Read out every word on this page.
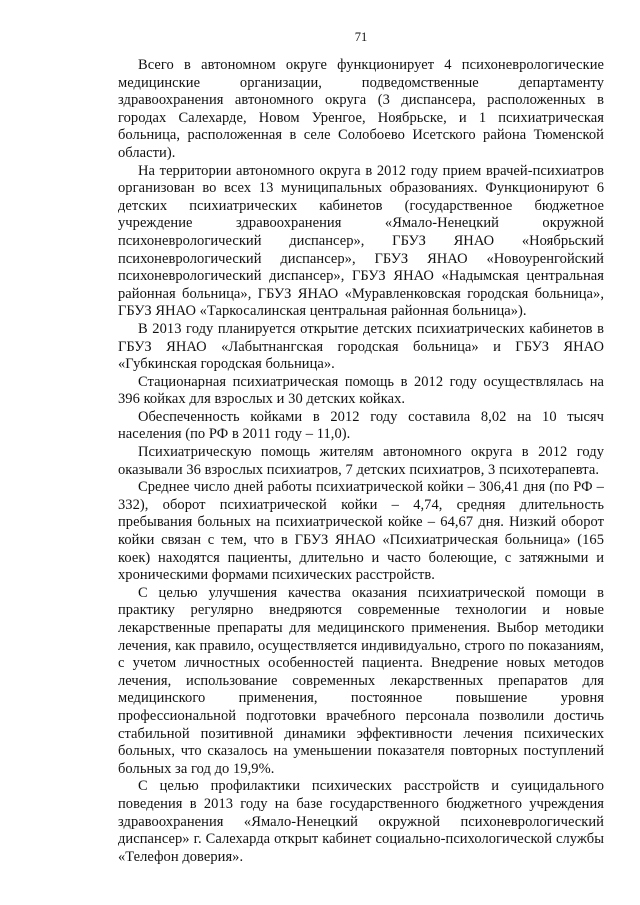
71

Всего в автономном округе функционирует 4 психоневрологические медицинские организации, подведомственные департаменту здравоохранения автономного округа (3 диспансера, расположенных в городах Салехарде, Новом Уренгое, Ноябрьске, и 1 психиатрическая больница, расположенная в селе Солобоево Исетского района Тюменской области).

На территории автономного округа в 2012 году прием врачей-психиатров организован во всех 13 муниципальных образованиях. Функционируют 6 детских психиатрических кабинетов (государственное бюджетное учреждение здравоохранения «Ямало-Ненецкий окружной психоневрологический диспансер», ГБУЗ ЯНАО «Ноябрьский психоневрологический диспансер», ГБУЗ ЯНАО «Новоуренгойский психоневрологический диспансер», ГБУЗ ЯНАО «Надымская центральная районная больница», ГБУЗ ЯНАО «Муравленковская городская больница», ГБУЗ ЯНАО «Таркосалинская центральная районная больница»).

В 2013 году планируется открытие детских психиатрических кабинетов в ГБУЗ ЯНАО «Лабытнангская городская больница» и ГБУЗ ЯНАО «Губкинская городская больница».

Стационарная психиатрическая помощь в 2012 году осуществлялась на 396 койках для взрослых и 30 детских койках.

Обеспеченность койками в 2012 году составила 8,02 на 10 тысяч населения (по РФ в 2011 году – 11,0).

Психиатрическую помощь жителям автономного округа в 2012 году оказывали 36 взрослых психиатров, 7 детских психиатров, 3 психотерапевта.

Среднее число дней работы психиатрической койки – 306,41 дня (по РФ – 332), оборот психиатрической койки – 4,74, средняя длительность пребывания больных на психиатрической койке – 64,67 дня. Низкий оборот койки связан с тем, что в ГБУЗ ЯНАО «Психиатрическая больница» (165 коек) находятся пациенты, длительно и часто болеющие, с затяжными и хроническими формами психических расстройств.

С целью улучшения качества оказания психиатрической помощи в практику регулярно внедряются современные технологии и новые лекарственные препараты для медицинского применения. Выбор методики лечения, как правило, осуществляется индивидуально, строго по показаниям, с учетом личностных особенностей пациента. Внедрение новых методов лечения, использование современных лекарственных препаратов для медицинского применения, постоянное повышение уровня профессиональной подготовки врачебного персонала позволили достичь стабильной позитивной динамики эффективности лечения психических больных, что сказалось на уменьшении показателя повторных поступлений больных за год до 19,9%.

С целью профилактики психических расстройств и суицидального поведения в 2013 году на базе государственного бюджетного учреждения здравоохранения «Ямало-Ненецкий окружной психоневрологический диспансер» г. Салехарда открыт кабинет социально-психологической службы «Телефон доверия».
